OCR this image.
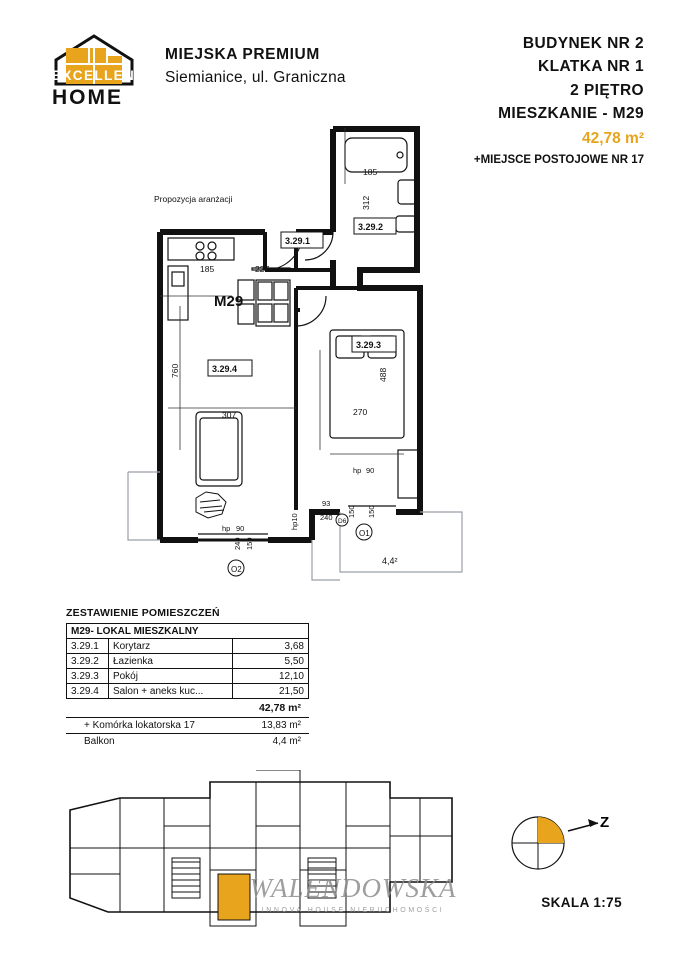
EXCELLENT
HOME
MIEJSKA PREMIUM
Siemianice, ul. Graniczna
BUDYNEK NR 2
KLATKA NR 1
2 PIĘTRO
MIESZKANIE - M29
42,78 m²
+MIEJSCE POSTOJOWE NR 17
Propozycja aranżacji
M29
3.29.1
3.29.2
3.29.3
3.29.4
185
312
185	227
760
307
488
270
hp 90
hp 90	hp10
93
240 150 150
240 150
4,4²
O1
O2
D6
ZESTAWIENIE POMIESZCZEŃ
M29- LOKAL MIESZKALNY		
3.29.1	Korytarz	3,68
3.29.2	Łazienka	5,50
3.29.3	Pokój	12,10
3.29.4	Salon + aneks kuc...	21,50
42,78 m²
+ Komórka lokatorska 17	13,83 m²
Balkon	4,4 m²
WALENDOWSKA
INNOVA HOUSE NIERUCHOMOŚCI
Z
SKALA 1:75
